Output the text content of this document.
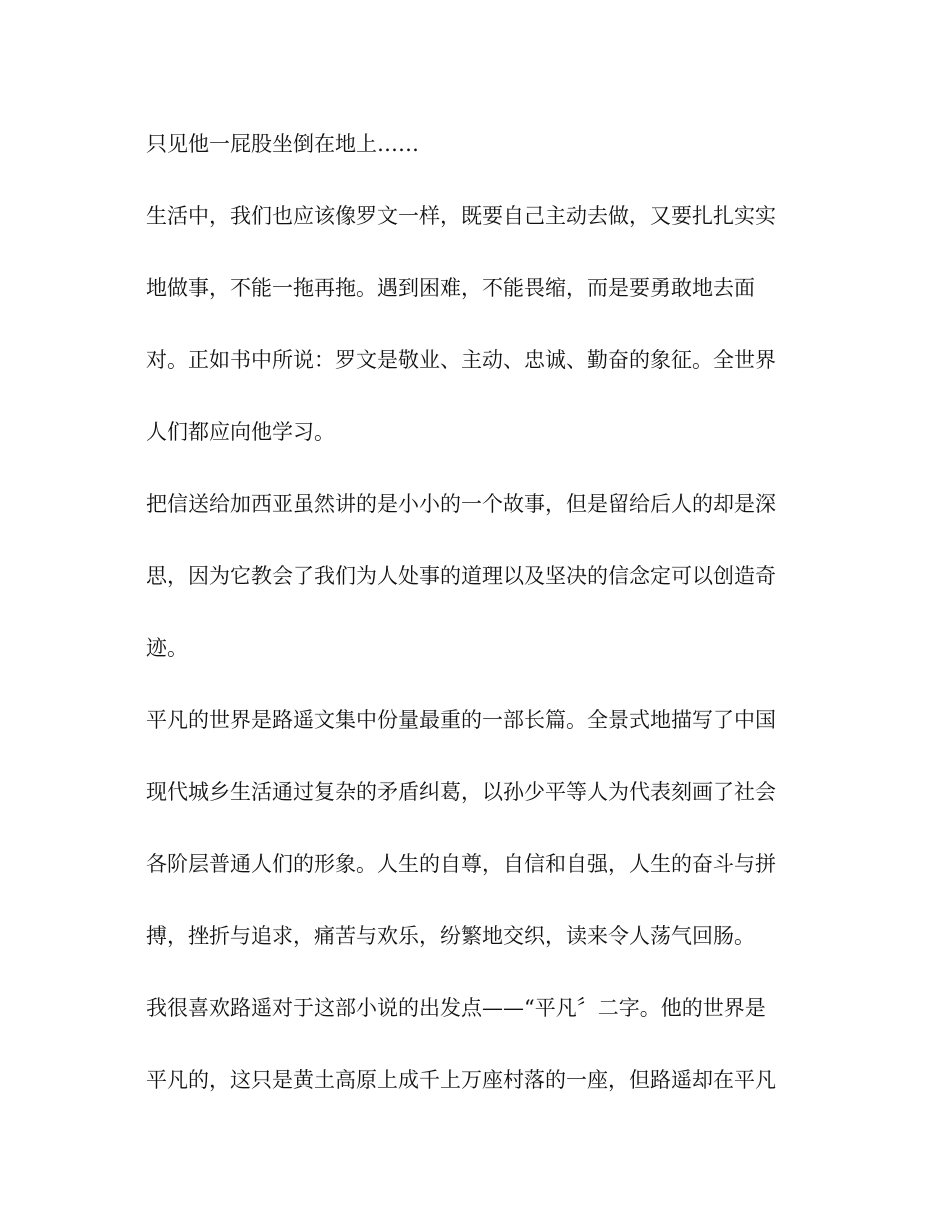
只见他一屁股坐倒在地上……

生活中，我们也应该像罗文一样，既要自己主动去做，又要扎扎实实

地做事，不能一拖再拖。遇到困难，不能畏缩，而是要勇敢地去面

对。正如书中所说：罗文是敬业、主动、忠诚、勤奋的象征。全世界

人们都应向他学习。

把信送给加西亚虽然讲的是小小的一个故事，但是留给后人的却是深

思，因为它教会了我们为人处事的道理以及坚决的信念定可以创造奇

迹。

平凡的世界是路遥文集中份量最重的一部长篇。全景式地描写了中国

现代城乡生活通过复杂的矛盾纠葛，以孙少平等人为代表刻画了社会

各阶层普通人们的形象。人生的自尊，自信和自强，人生的奋斗与拼

搏，挫折与追求，痛苦与欢乐，纷繁地交织，读来令人荡气回肠。

我很喜欢路遥对于这部小说的出发点——“平凡〞二字。他的世界是

平凡的，这只是黄土高原上成千上万座村落的一座，但路遥却在平凡
